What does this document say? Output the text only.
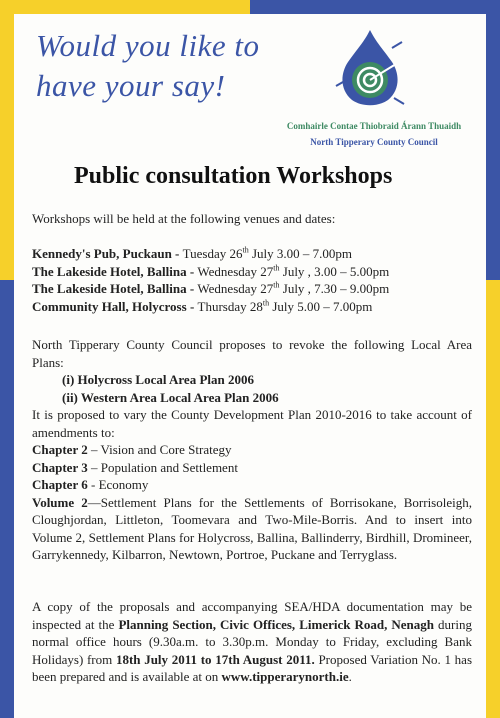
Would you like to have your say!
Comhairle Contae Thiobraid Árann Thuaidh
North Tipperary County Council
Public consultation Workshops

Workshops will be held at the following venues and dates:

Kennedy's Pub, Puckaun - Tuesday 26th July 3.00 – 7.00pm

The Lakeside Hotel, Ballina - Wednesday 27th July , 3.00 – 5.00pm

The Lakeside Hotel, Ballina - Wednesday 27th July , 7.30 – 9.00pm

Community Hall, Holycross - Thursday 28th July 5.00 – 7.00pm

North Tipperary County Council proposes to revoke the following Local Area Plans:

(i) Holycross Local Area Plan 2006

(ii) Western Area Local Area Plan 2006

It is proposed to vary the County Development Plan 2010-2016 to take account of amendments to:

Chapter 2 – Vision and Core Strategy

Chapter 3 – Population and Settlement

Chapter 6 - Economy

Volume 2—Settlement Plans for the Settlements of Borrisokane, Borrisoleigh, Cloughjordan, Littleton, Toomevara and Two-Mile-Borris. And to insert into Volume 2, Settlement Plans for Holycross, Ballina, Ballinderry, Birdhill, Dromineer, Garrykennedy, Kilbarron, Newtown, Portroe, Puckane and Terryglass.

A copy of the proposals and accompanying SEA/HDA documentation may be inspected at the Planning Section, Civic Offices, Limerick Road, Nenagh during normal office hours (9.30a.m. to 3.30p.m. Monday to Friday, excluding Bank Holidays) from 18th July 2011 to 17th August 2011. Proposed Variation No. 1 has been prepared and is available at on www.tipperarynorth.ie.
